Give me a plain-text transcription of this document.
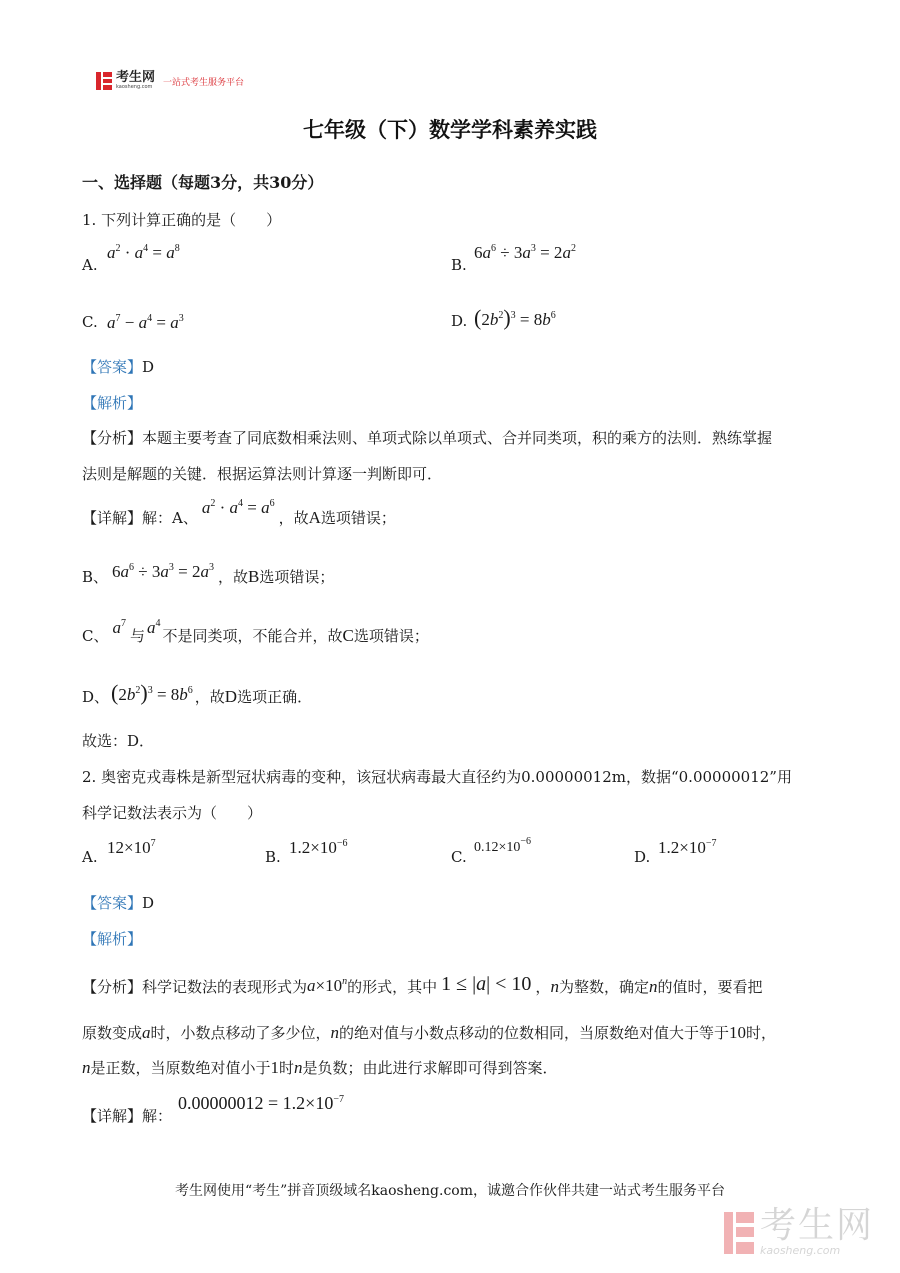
考生网
kaosheng.com 一站式考生服务平台
七年级（下）数学学科素养实践
一、选择题（每题3分，共30分）
1. 下列计算正确的是（　　）
A.
$a^2 \cdot a^4 = a^8$
B.
$6a^6 \div 3a^3 = 2a^2$
C. $a^7 - a^4 = a^3$	D. $(2b^2)^3 = 8b^6$
【答案】D
【解析】
【分析】本题主要考查了同底数相乘法则、单项式除以单项式、合并同类项，积的乘方的法则．熟练掌握
法则是解题的关键．根据运算法则计算逐一判断即可．
【详解】解：A、$a^2 \cdot a^4 = a^6$，故A选项错误；
B、 $6a^6 \div 3a^3 = 2a^3$，故B选项错误；
C、 $a^7$与 $a^4$不是同类项，不能合并，故C选项错误；
D、$(2b^2)^3 = 8b^6$ ，故D选项正确．
故选：D．
2. 奥密克戎毒株是新型冠状病毒的变种，该冠状病毒最大直径约为0.00000012m，数据“0.00000012”用
科学记数法表示为（　　）
A. $12\times 10^7$
B. $1.2\times 10^{-6}$
C.
$0.12\times 10^{-6}$
D. $1.2\times 10^{-7}$
【答案】D
【解析】
【分析】科学记数法的表现形式为$a\times 10^n$的形式，其中 1 ≤ |a| < 10 ，n为整数，确定n的值时，要看把
原数变成a时，小数点移动了多少位，n的绝对值与小数点移动的位数相同，当原数绝对值大于等于10时，
n是正数，当原数绝对值小于1时n是负数；由此进行求解即可得到答案．
【详解】解：$0.00000012 = 1.2\times 10^{-7}$
考生网使用“考生”拼音顶级域名kaosheng.com，诚邀合作伙伴共建一站式考生服务平台
考生网
kaosheng.com
